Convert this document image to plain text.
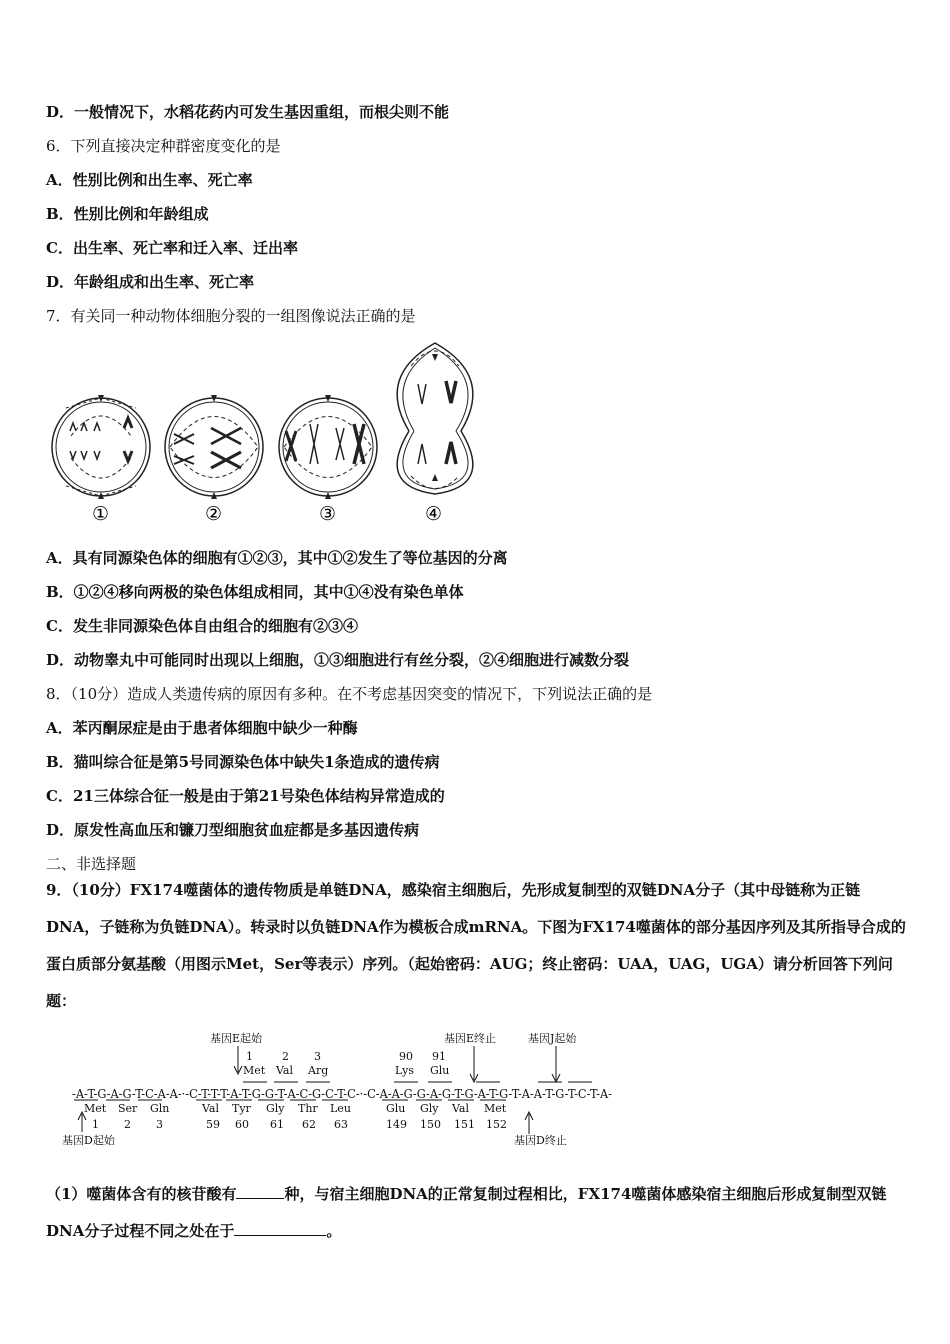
D．一般情况下，水稻花药内可发生基因重组，而根尖则不能
6．下列直接决定种群密度变化的是
A．性别比例和出生率、死亡率
B．性别比例和年龄组成
C．出生率、死亡率和迁入率、迁出率
D．年龄组成和出生率、死亡率
7．有关同一种动物体细胞分裂的一组图像说法正确的是
①	②	③	④
A．具有同源染色体的细胞有①②③，其中①②发生了等位基因的分离
B．①②④移向两极的染色体组成相同，其中①④没有染色单体
C．发生非同源染色体自由组合的细胞有②③④
D．动物睾丸中可能同时出现以上细胞，①③细胞进行有丝分裂，②④细胞进行减数分裂
8．（10分）造成人类遗传病的原因有多种。在不考虑基因突变的情况下，下列说法正确的是
A．苯丙酮尿症是由于患者体细胞中缺少一种酶
B．猫叫综合征是第5号同源染色体中缺失1条造成的遗传病
C．21三体综合征一般是由于第21号染色体结构异常造成的
D．原发性高血压和镰刀型细胞贫血症都是多基因遗传病
二、非选择题
9．（10分）FX174噬菌体的遗传物质是单链DNA，感染宿主细胞后，先形成复制型的双链DNA分子（其中母链称为正链DNA，子链称为负链DNA）。转录时以负链DNA作为模板合成mRNA。下图为FX174噬菌体的部分基因序列及其所指导合成的蛋白质部分氨基酸（用图示Met，Ser等表示）序列。（起始密码：AUG；终止密码：UAA，UAG，UGA）请分析回答下列问题：
基因E起始	基因E终止	基因J起始
1	2 3	90 91
Met Val Arg	Lys Glu
-A-T-G-A-G-T-C-A-A-·-C-T-T-T-A-T-G-G-T-A-C-G-C-T-C-·-C-A-A-G-G-A-G-T-G-A-T-G-T-A-A-T-G-T-C-T-A-
Met Ser Gln	Val Tyr Gly Thr Leu	Glu Gly Val Met
1 2 3	59 60 61 62 63	149 150 151 152
基因D起始	基因D终止
（1）噬菌体含有的核苷酸有	种，与宿主细胞DNA的正常复制过程相比，FX174噬菌体感染宿主细胞后形成复制型双链DNA分子过程不同之处在于	。
